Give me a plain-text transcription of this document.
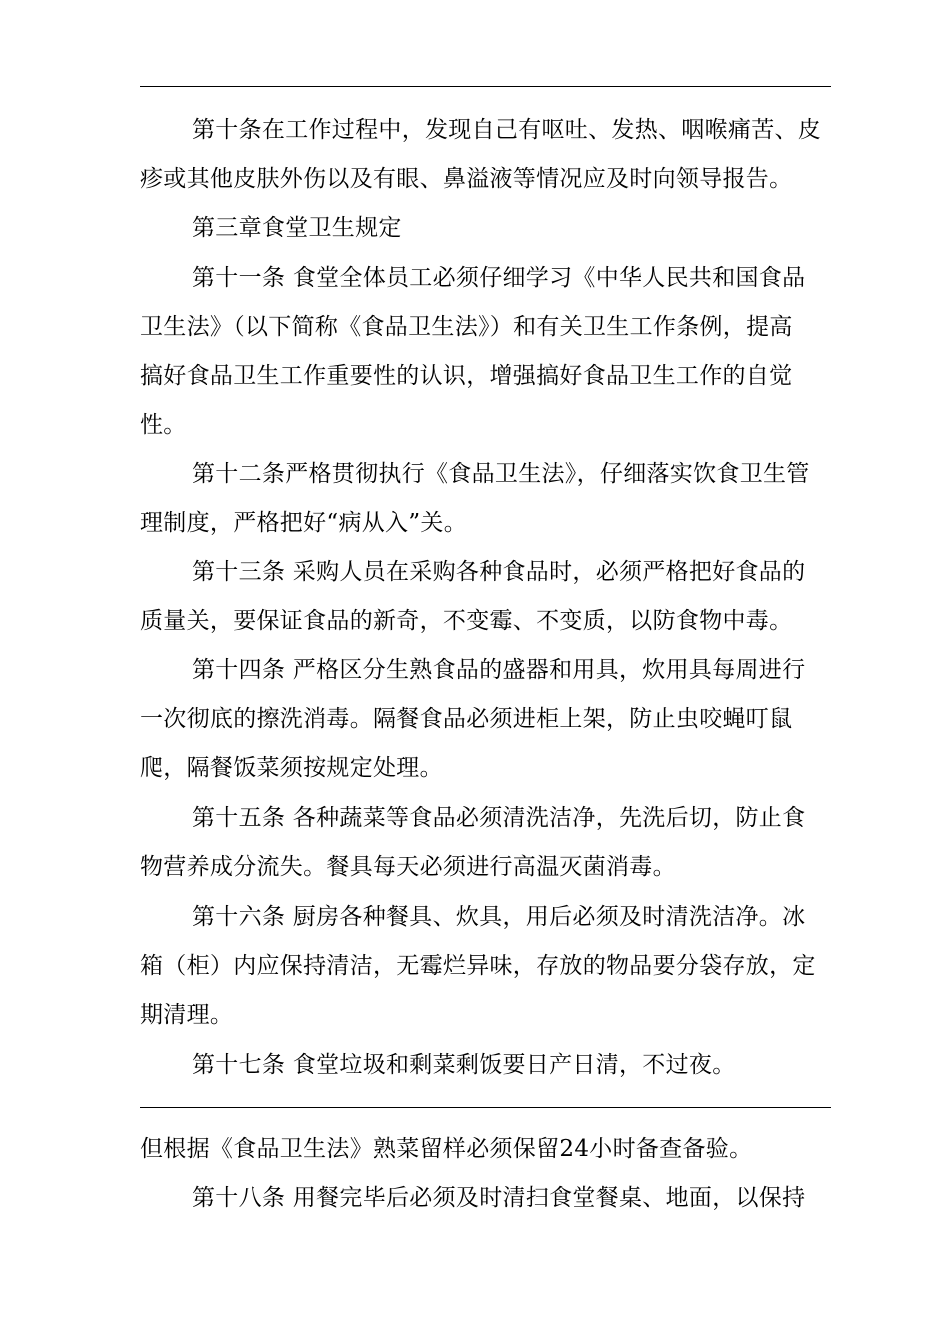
第十条在工作过程中，发现自己有呕吐、发热、咽喉痛苦、皮
疹或其他皮肤外伤以及有眼、鼻溢液等情况应及时向领导报告。
第三章食堂卫生规定
第十一条 食堂全体员工必须仔细学习《中华人民共和国食品
卫生法》（以下简称《食品卫生法》）和有关卫生工作条例，提高
搞好食品卫生工作重要性的认识，增强搞好食品卫生工作的自觉
性。
第十二条严格贯彻执行《食品卫生法》，仔细落实饮食卫生管
理制度，严格把好“病从入”关。
第十三条 采购人员在采购各种食品时，必须严格把好食品的
质量关，要保证食品的新奇，不变霉、不变质，以防食物中毒。
第十四条 严格区分生熟食品的盛器和用具，炊用具每周进行
一次彻底的擦洗消毒。隔餐食品必须进柜上架，防止虫咬蝇叮鼠
爬，隔餐饭菜须按规定处理。
第十五条 各种蔬菜等食品必须清洗洁净，先洗后切，防止食
物营养成分流失。餐具每天必须进行高温灭菌消毒。
第十六条 厨房各种餐具、炊具，用后必须及时清洗洁净。冰
箱（柜）内应保持清洁，无霉烂异味，存放的物品要分袋存放，定
期清理。
第十七条 食堂垃圾和剩菜剩饭要日产日清，不过夜。
但根据《食品卫生法》熟菜留样必须保留24小时备查备验。
第十八条 用餐完毕后必须及时清扫食堂餐桌、地面，以保持
